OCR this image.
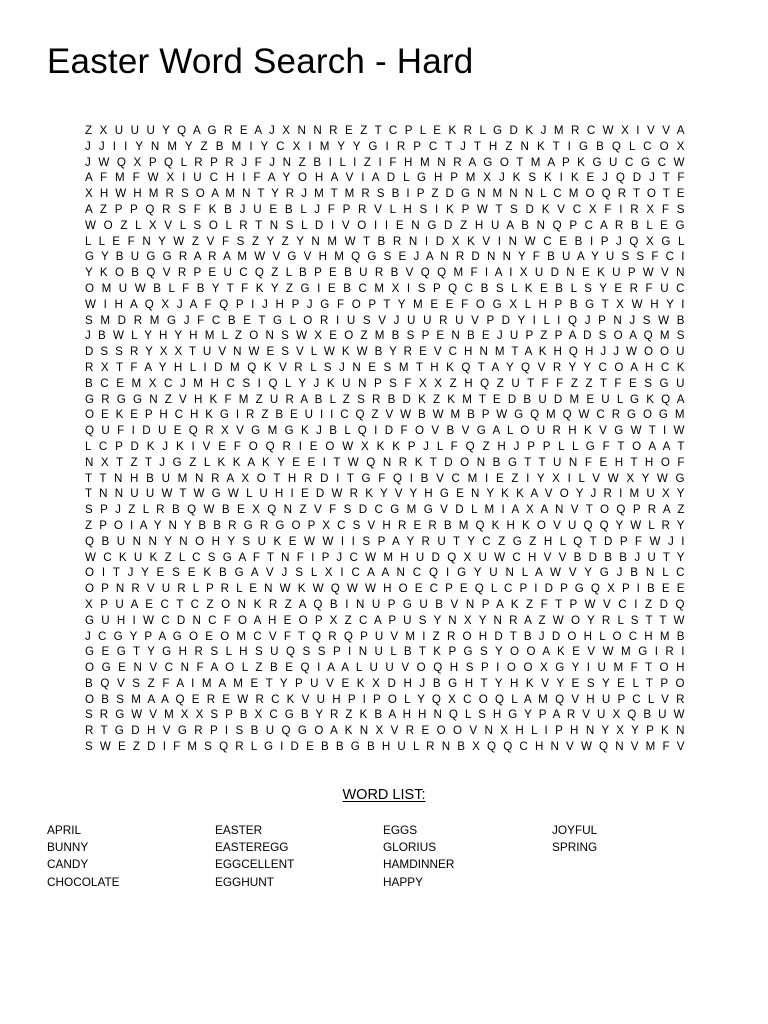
Easter Word Search - Hard
Z X U U U Y Q A G R E A J X N N R E Z T C P L E K R L G D K J M R C W X I V V A
J J I I Y N M Y Z B M I Y C X I M Y Y G I R P C T J T H Z N K T I G B Q L C O X
J W Q X P Q L R P R J F J N Z B I L I Z I F H M N R A G O T M A P K G U C G C W
A F M F W X I U C H I F A Y O H A V I A D L G H P M X J K S K I K E J Q D J T F
X H W H M R S O A M N T Y R J M T M R S B I P Z D G N M N N L C M O Q R T O T E
A Z P P Q R S F K B J U E B L J F P R V L H S I K P W T S D K V C X F I R X F S
W O Z L X V L S O L R T N S L D I V O I I E N G D Z H U A B N Q P C A R B L E G
L L E F N Y W Z V F S Z Y Z Y N M W T B R N I D X K V I N W C E B I P J Q X G L
G Y B U G G R A R A M W V G V H M Q G S E J A N R D N N Y F B U A Y U S S F C I
Y K O B Q V R P E U C Q Z L B P E B U R B V Q Q M F I A I X U D N E K U P W V N
O M U W B L F B Y T F K Y Z G I E B C M X I S P Q C B S L K E B L S Y E R F U C
W I H A Q X J A F Q P I J H P J G F O P T Y M E E F O G X L H P B G T X W H Y I
S M D R M G J F C B E T G L O R I U S V J U U R U V P D Y I L I Q J P N J S W B
J B W L Y H Y H M L Z O N S W X E O Z M B S P E N B E J U P Z P A D S O A Q M S
D S S R Y X X T U V N W E S V L W K W B Y R E V C H N M T A K H Q H J J W O O U
R X T F A Y H L I D M Q K V R L S J N E S M T H K Q T A Y Q V R Y Y C O A H C K
B C E M X C J M H C S I Q L Y J K U N P S F X X Z H Q Z U T F F Z Z T F E S G U
G R G G N Z V H K F M Z U R A B L Z S R B D K Z K M T E D B U D M E U L G K Q A
O E K E P H C H K G I R Z B E U I I C Q Z V W B W M B P W G Q M Q W C R G O G M
Q U F I D U E Q R X V G M G K J B L Q I D F O V B V G A L O U R H K V G W T I W
L C P D K J K I V E F O Q R I E O W X K K P J L F Q Z H J P P L L G F T O A A T
N X T Z T J G Z L K K A K Y E E I T W Q N R K T D O N B G T T U N F E H T H O F
T T N H B U M N R A X O T H R D I T G F Q I B V C M I E Z I Y X I L V W X Y W G
T N N U U W T W G W L U H I E D W R K Y V Y H G E N Y K K A V O Y J R I M U X Y
S P J Z L R B Q W B E X Q N Z V F S D C G M G V D L M I A X A N V T O Q P R A Z
Z P O I A Y N Y B B R G R G O P X C S V H R E R B M Q K H K O V U Q Q Y W L R Y
Q B U N N Y N O H Y S U K E W W I I S P A Y R U T Y C Z G Z H L Q T D P F W J I
W C K U K Z L C S G A F T N F I P J C W M H U D Q X U W C H V V B D B B J U T Y
O I T J Y E S E K B G A V J S L X I C A A N C Q I G Y U N L A W V Y G J B N L C
O P N R V U R L P R L E N W K W Q W W H O E C P E Q L C P I D P G Q X P I B E E
X P U A E C T C Z O N K R Z A Q B I N U P G U B V N P A K Z F T P W V C I Z D Q
G U H I W C D N C F O A H E O P X Z C A P U S Y N X Y N R A Z W O Y R L S T T W
J C G Y P A G O E O M C V F T Q R Q P U V M I Z R O H D T B J D O H L O C H M B
G E G T Y G H R S L H S U Q S S P I N U L B T K P G S Y O O A K E V W M G I R I
O G E N V C N F A O L Z B E Q I A A L U U V O Q H S P I O O X G Y I U M F T O H
B Q V S Z F A I M A M E T Y P U V E K X D H J B G H T Y H K V Y E S Y E L T P O
O B S M A A Q E R E W R C K V U H P I P O L Y Q X C O Q L A M Q V H U P C L V R
S R G W V M X X S P B X C G B Y R Z K B A H H N Q L S H G Y P A R V U X Q B U W
R T G D H V G R P I S B U Q G O A K N X V R E O O V N X H L I P H N Y X Y P K N
S W E Z D I F M S Q R L G I D E B B G B H U L R N B X Q Q C H N V W Q N V M F V
WORD LIST:
APRIL
BUNNY
CANDY
CHOCOLATE
EASTER
EASTEREGG
EGGCELLENT
EGGHUNT
EGGS
GLORIUS
HAMDINNER
HAPPY
JOYFUL
SPRING
